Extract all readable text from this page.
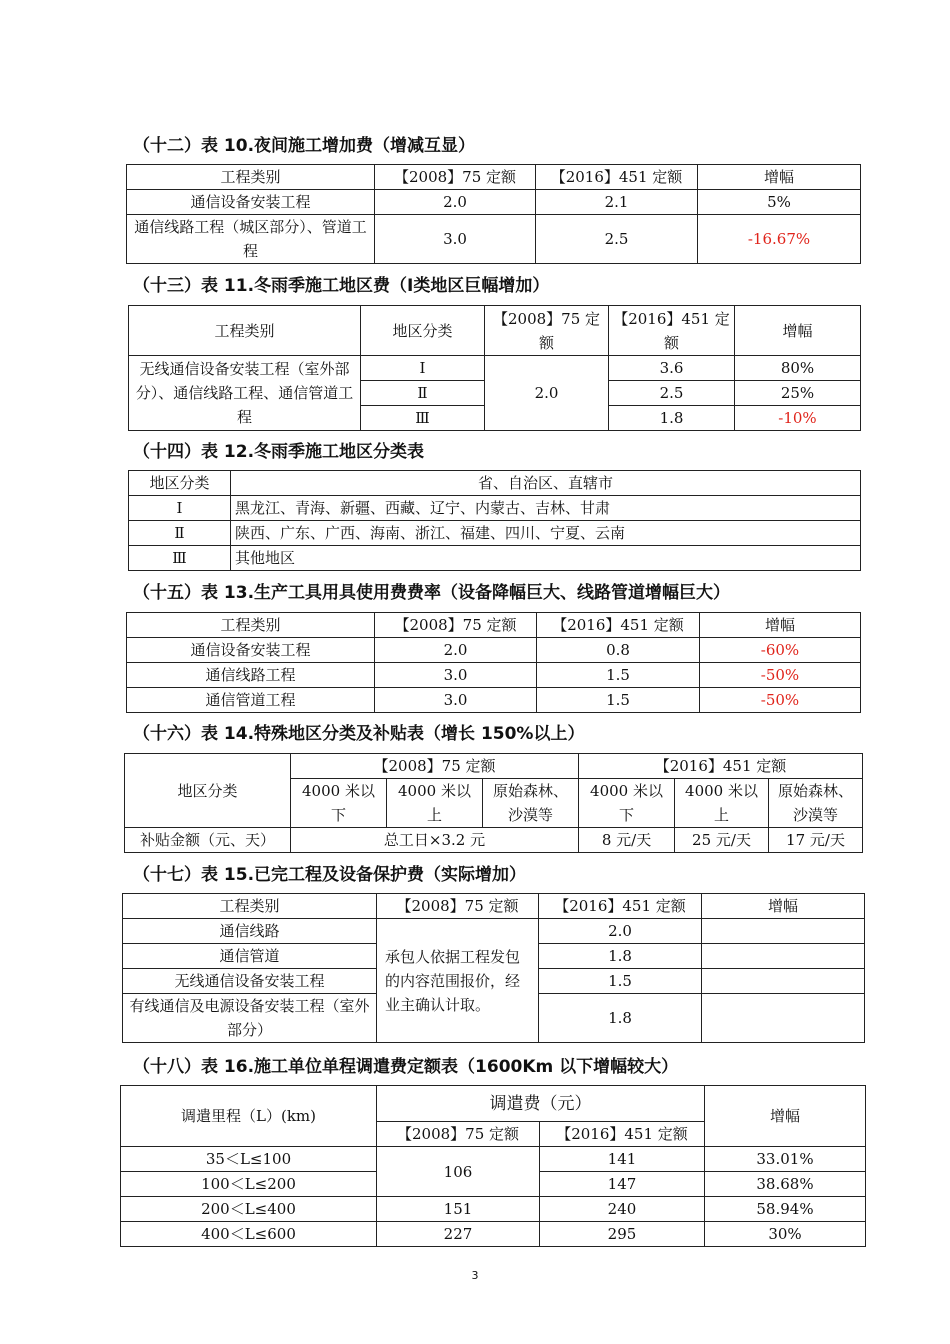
（十二）表 10.夜间施工增加费（增减互显）
工程类别	【2008】75 定额	【2016】451 定额	增幅
通信设备安装工程	2.0	2.1	5%
通信线路工程（城区部分）、管道工程	3.0	2.5	-16.67%
（十三）表 11.冬雨季施工地区费（Ⅰ类地区巨幅增加）
工程类别	地区分类	【2008】75 定额	【2016】451 定额	增幅
无线通信设备安装工程（室外部分）、通信线路工程、通信管道工程	Ⅰ	2.0	3.6	80%
	Ⅱ		2.5	25%
	Ⅲ		1.8	-10%
（十四）表 12.冬雨季施工地区分类表
地区分类	省、自治区、直辖市
Ⅰ	黑龙江、青海、新疆、西藏、辽宁、内蒙古、吉林、甘肃
Ⅱ	陕西、广东、广西、海南、浙江、福建、四川、宁夏、云南
Ⅲ	其他地区
（十五）表 13.生产工具用具使用费费率（设备降幅巨大、线路管道增幅巨大）
工程类别	【2008】75 定额	【2016】451 定额	增幅
通信设备安装工程	2.0	0.8	-60%
通信线路工程	3.0	1.5	-50%
通信管道工程	3.0	1.5	-50%
（十六）表 14.特殊地区分类及补贴表（增长 150%以上）
地区分类	【2008】75 定额			【2016】451 定额		
	4000 米以下	4000 米以上	原始森林、沙漠等	4000 米以下	4000 米以上	原始森林、沙漠等
补贴金额（元、天）	总工日×3.2 元			8 元/天	25 元/天	17 元/天
（十七）表 15.已完工程及设备保护费（实际增加）
工程类别	【2008】75 定额	【2016】451 定额	增幅
通信线路	承包人依据工程发包的内容范围报价，经业主确认计取。	2.0	
通信管道		1.8	
无线通信设备安装工程		1.5	
有线通信及电源设备安装工程（室外部分）		1.8	
（十八）表 16.施工单位单程调遣费定额表（1600Km 以下增幅较大）
调遣里程（L）(km)	调遣费（元）		增幅
	【2008】75 定额	【2016】451 定额	
35＜L≤100	106	141	33.01%
100＜L≤200		147	38.68%
200＜L≤400	151	240	58.94%
400＜L≤600	227	295	30%
3
